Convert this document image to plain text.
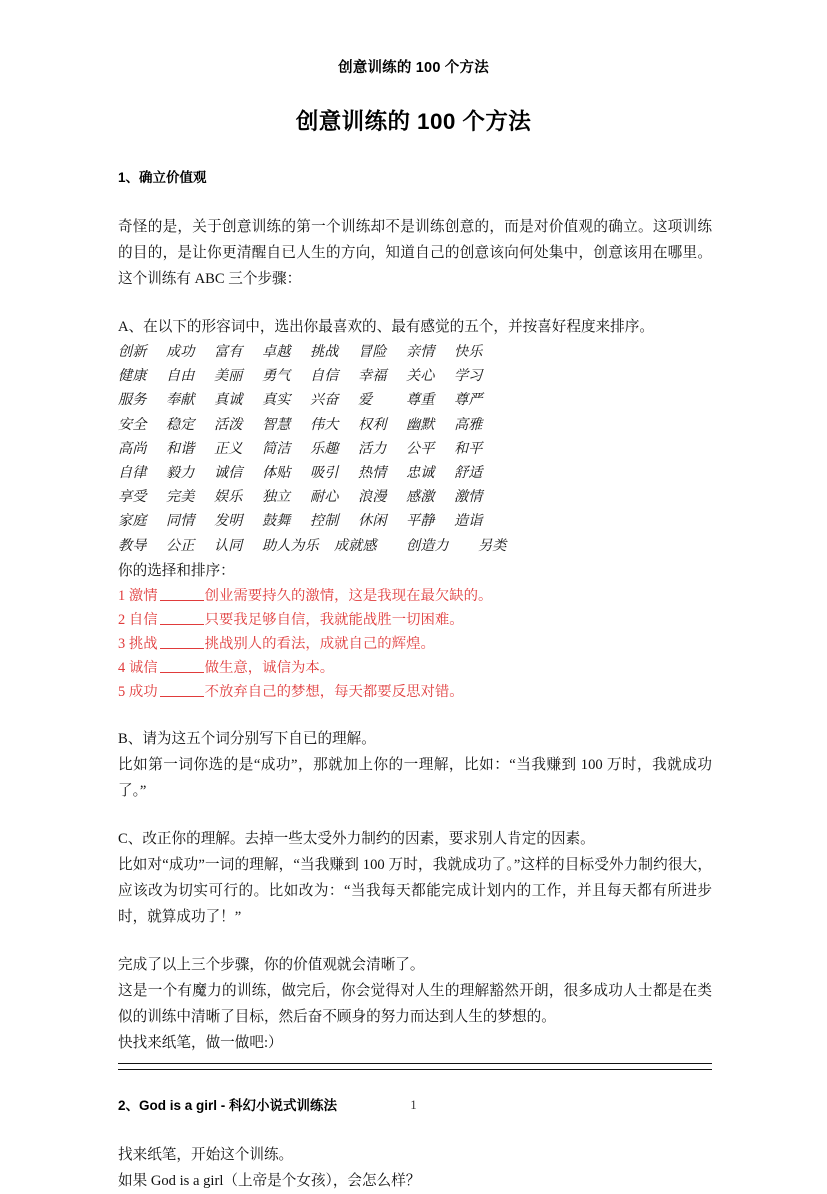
创意训练的 100 个方法
创意训练的 100 个方法
1、确立价值观

奇怪的是，关于创意训练的第一个训练却不是训练创意的，而是对价值观的确立。这项训练的目的，是让你更清醒自已人生的方向，知道自己的创意该向何处集中，创意该用在哪里。这个训练有 ABC 三个步骤：

A、在以下的形容词中，选出你最喜欢的、最有感觉的五个，并按喜好程度来排序。

创新 成功 富有 卓越 挑战 冒险 亲情 快乐
健康 自由 美丽 勇气 自信 幸福 关心 学习
服务 奉献 真诚 真实 兴奋 爱 尊重 尊严
安全 稳定 活泼 智慧 伟大 权利 幽默 高雅
高尚 和谐 正义 简洁 乐趣 活力 公平 和平
自律 毅力 诚信 体贴 吸引 热情 忠诚 舒适
享受 完美 娱乐 独立 耐心 浪漫 感激 激情
家庭 同情 发明 鼓舞 控制 休闲 平静 造诣
教导 公正 认同 助人为乐 成就感 创造力 另类

你的选择和排序：

1 激情	创业需要持久的激情，这是我现在最欠缺的。
2 自信	只要我足够自信，我就能战胜一切困难。
3 挑战	挑战别人的看法，成就自己的辉煌。
4 诚信	做生意，诚信为本。
5 成功	不放弃自己的梦想，每天都要反思对错。

B、请为这五个词分别写下自已的理解。

比如第一词你选的是“成功”，那就加上你的一理解，比如：“当我赚到 100 万时，我就成功了。”

C、改正你的理解。去掉一些太受外力制约的因素，要求别人肯定的因素。

比如对“成功”一词的理解，“当我赚到 100 万时，我就成功了。”这样的目标受外力制约很大，应该改为切实可行的。比如改为：“当我每天都能完成计划内的工作，并且每天都有所进步时，就算成功了！”

完成了以上三个步骤，你的价值观就会清晰了。

这是一个有魔力的训练，做完后，你会觉得对人生的理解豁然开朗，很多成功人士都是在类似的训练中清晰了目标，然后奋不顾身的努力而达到人生的梦想的。

快找来纸笔，做一做吧:）

2、God is a girl - 科幻小说式训练法

找来纸笔，开始这个训练。

如果 God is a girl（上帝是个女孩），会怎么样？

1
